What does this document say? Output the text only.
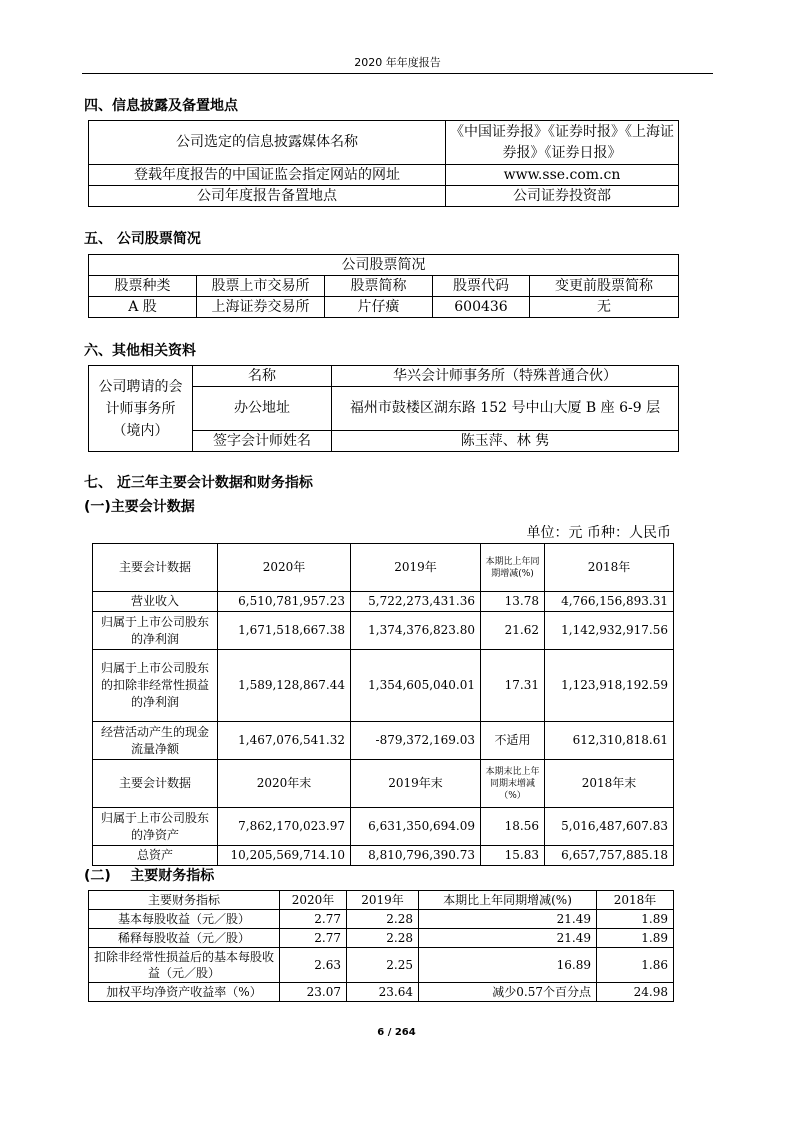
2020 年年度报告
四、信息披露及备置地点
公司选定的信息披露媒体名称	《中国证券报》《证券时报》《上海证券报》《证券日报》
登载年度报告的中国证监会指定网站的网址	www.sse.com.cn
公司年度报告备置地点	公司证券投资部
五、 公司股票简况
公司股票简况				
股票种类	股票上市交易所	股票简称	股票代码	变更前股票简称
A 股	上海证券交易所	片仔癀	600436	无
六、其他相关资料
公司聘请的会计师事务所（境内）	名称	华兴会计师事务所（特殊普通合伙）
	办公地址	福州市鼓楼区湖东路 152 号中山大厦 B 座 6-9 层
	签字会计师姓名	陈玉萍、林 隽
七、 近三年主要会计数据和财务指标
(一)主要会计数据
单位：元 币种：人民币
主要会计数据	2020年	2019年	本期比上年同期增减(%)	2018年
营业收入	6,510,781,957.23	5,722,273,431.36	13.78	4,766,156,893.31
归属于上市公司股东的净利润	1,671,518,667.38	1,374,376,823.80	21.62	1,142,932,917.56
归属于上市公司股东的扣除非经常性损益的净利润	1,589,128,867.44	1,354,605,040.01	17.31	1,123,918,192.59
经营活动产生的现金流量净额	1,467,076,541.32	-879,372,169.03	不适用	612,310,818.61
主要会计数据	2020年末	2019年末	本期末比上年同期末增减（%）	2018年末
归属于上市公司股东的净资产	7,862,170,023.97	6,631,350,694.09	18.56	5,016,487,607.83
总资产	10,205,569,714.10	8,810,796,390.73	15.83	6,657,757,885.18
(二)    主要财务指标
主要财务指标	2020年	2019年	本期比上年同期增减(%)	2018年
基本每股收益（元／股）	2.77	2.28	21.49	1.89
稀释每股收益（元／股）	2.77	2.28	21.49	1.89
扣除非经常性损益后的基本每股收益（元／股）	2.63	2.25	16.89	1.86
加权平均净资产收益率（%）	23.07	23.64	减少0.57个百分点	24.98
6 / 264
